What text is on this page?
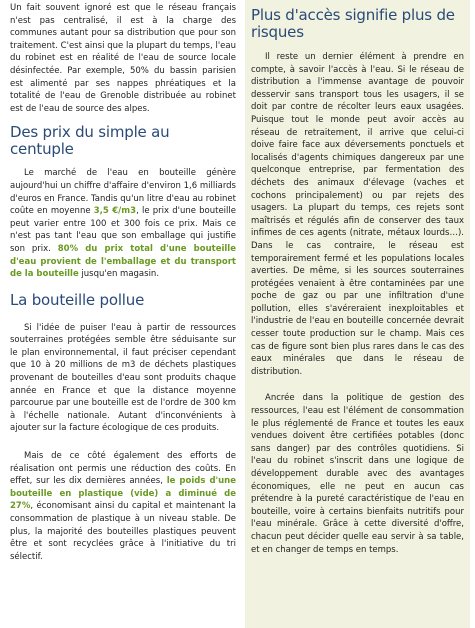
Un fait souvent ignoré est que le réseau français n'est pas centralisé, il est à la charge des communes autant pour sa distribution que pour son traitement. C'est ainsi que la plupart du temps, l'eau du robinet est en réalité de l'eau de source locale désinfectée. Par exemple, 50% du bassin parisien est alimenté par ses nappes phréatiques et la totalité de l'eau de Grenoble distribuée au robinet est de l'eau de source des alpes.

Des prix du simple au centuple

Le marché de l'eau en bouteille génère aujourd'hui un chiffre d'affaire d'environ 1,6 milliards d'euros en France. Tandis qu'un litre d'eau au robinet coûte en moyenne 3,5 €/m3, le prix d'une bouteille peut varier entre 100 et 300 fois ce prix. Mais ce n'est pas tant l'eau que son emballage qui justifie son prix. 80% du prix total d'une bouteille d'eau provient de l'emballage et du transport de la bouteille jusqu'en magasin.

La bouteille pollue

Si l'idée de puiser l'eau à partir de ressources souterraines protégées semble être séduisante sur le plan environnemental, il faut préciser cependant que 10 à 20 millions de m3 de déchets plastiques provenant de bouteilles d'eau sont produits chaque année en France et que la distance moyenne parcourue par une bouteille est de l'ordre de 300 km à l'échelle nationale. Autant d'inconvénients à ajouter sur la facture écologique de ces produits.

Mais de ce côté également des efforts de réalisation ont permis une réduction des coûts. En effet, sur les dix dernières années, le poids d'une bouteille en plastique (vide) a diminué de 27%, économisant ainsi du capital et maintenant la consommation de plastique à un niveau stable. De plus, la majorité des bouteilles plastiques peuvent être et sont recyclées grâce à l'initiative du tri sélectif.

Plus d'accès signifie plus de risques

Il reste un dernier élément à prendre en compte, à savoir l'accès à l'eau. Si le réseau de distribution a l'immense avantage de pouvoir desservir sans transport tous les usagers, il se doit par contre de récolter leurs eaux usagées. Puisque tout le monde peut avoir accès au réseau de retraitement, il arrive que celui-ci doive faire face aux déversements ponctuels et localisés d'agents chimiques dangereux par une quelconque entreprise, par fermentation des déchets des animaux d'élevage (vaches et cochons principalement) ou par rejets des usagers. La plupart du temps, ces rejets sont maîtrisés et régulés afin de conserver des taux infimes de ces agents (nitrate, métaux lourds…). Dans le cas contraire, le réseau est temporairement fermé et les populations locales averties. De même, si les sources souterraines protégées venaient à être contaminées par une poche de gaz ou par une infiltration d'une pollution, elles s'avéreraient inexploitables et l'industrie de l'eau en bouteille concernée devrait cesser toute production sur le champ. Mais ces cas de figure sont bien plus rares dans le cas des eaux minérales que dans le réseau de distribution.

Ancrée dans la politique de gestion des ressources, l'eau est l'élément de consommation le plus réglementé de France et toutes les eaux vendues doivent être certifiées potables (donc sans danger) par des contrôles quotidiens. Si l'eau du robinet s'inscrit dans une logique de développement durable avec des avantages économiques, elle ne peut en aucun cas prétendre à la pureté caractéristique de l'eau en bouteille, voire à certains bienfaits nutritifs pour l'eau minérale. Grâce à cette diversité d'offre, chacun peut décider quelle eau servir à sa table, et en changer de temps en temps.
